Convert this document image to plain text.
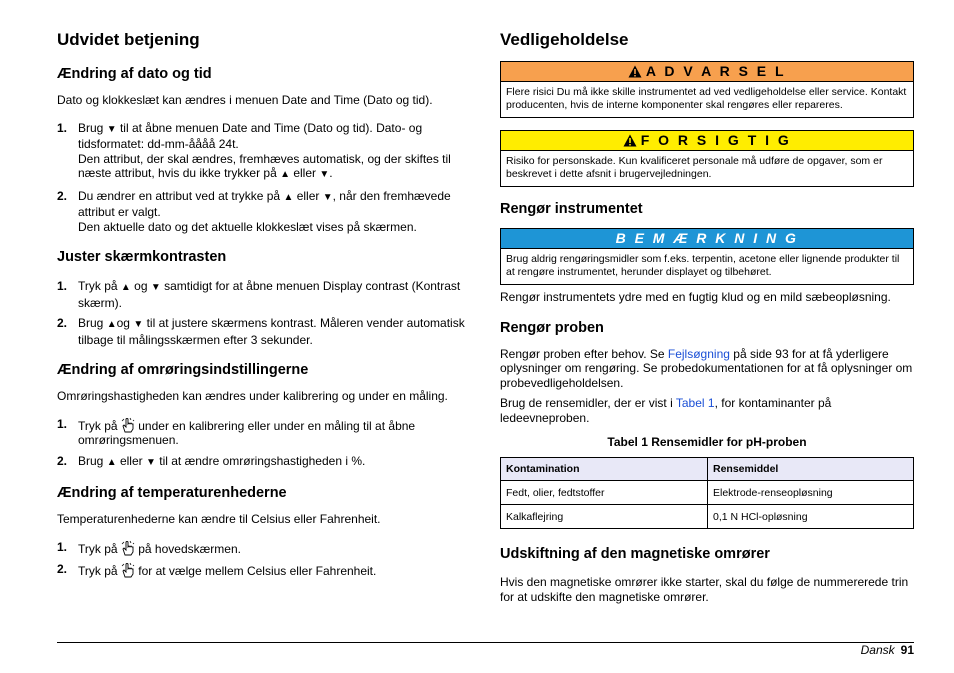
Udvidet betjening
Ændring af dato og tid

Dato og klokkeslæt kan ændres i menuen Date and Time (Dato og tid).

1. Brug ▼ til at åbne menuen Date and Time (Dato og tid). Dato- og tidsformatet: dd-mm-åååå 24t.
Den attribut, der skal ændres, fremhæves automatisk, og der skiftes til næste attribut, hvis du ikke trykker på ▲ eller ▼.
2. Du ændrer en attribut ved at trykke på ▲ eller ▼, når den fremhævede attribut er valgt.
Den aktuelle dato og det aktuelle klokkeslæt vises på skærmen.
Juster skærmkontrasten
1. Tryk på ▲ og ▼ samtidigt for at åbne menuen Display contrast (Kontrast skærm).
2. Brug ▲og ▼ til at justere skærmens kontrast. Måleren vender automatisk tilbage til målingsskærmen efter 3 sekunder.
Ændring af omrøringsindstillingerne

Omrøringshastigheden kan ændres under kalibrering og under en måling.

1. Tryk på under en kalibrering eller under en måling til at åbne omrøringsmenuen.
2. Brug ▲ eller ▼ til at ændre omrøringshastigheden i %.
Ændring af temperaturenhederne

Temperaturenhederne kan ændre til Celsius eller Fahrenheit.

1. Tryk på på hovedskærmen.
2. Tryk på for at vælge mellem Celsius eller Fahrenheit.
Vedligeholdelse
A D V A R S E L
Flere risici Du må ikke skille instrumentet ad ved vedligeholdelse eller service. Kontakt producenten, hvis de interne komponenter skal rengøres eller repareres.
F O R S I G T I G
Risiko for personskade. Kun kvalificeret personale må udføre de opgaver, som er beskrevet i dette afsnit i brugervejledningen.
Rengør instrumentet
B E M Æ R K N I N G
Brug aldrig rengøringsmidler som f.eks. terpentin, acetone eller lignende produkter til at rengøre instrumentet, herunder displayet og tilbehøret.

Rengør instrumentets ydre med en fugtig klud og en mild sæbeopløsning.

Rengør proben

Rengør proben efter behov. Se Fejlsøgning på side 93 for at få yderligere oplysninger om rengøring. Se probedokumentationen for at få oplysninger om probevedligeholdelsen.

Brug de rensemidler, der er vist i Tabel 1, for kontaminanter på ledeevneproben.

Tabel 1 Rensemidler for pH-proben
Kontamination	Rensemiddel
Fedt, olier, fedtstoffer	Elektrode-renseopløsning
Kalkaflejring	0,1 N HCl-opløsning
Udskiftning af den magnetiske omrører

Hvis den magnetiske omrører ikke starter, skal du følge de nummererede trin for at udskifte den magnetiske omrører.

Dansk 91
